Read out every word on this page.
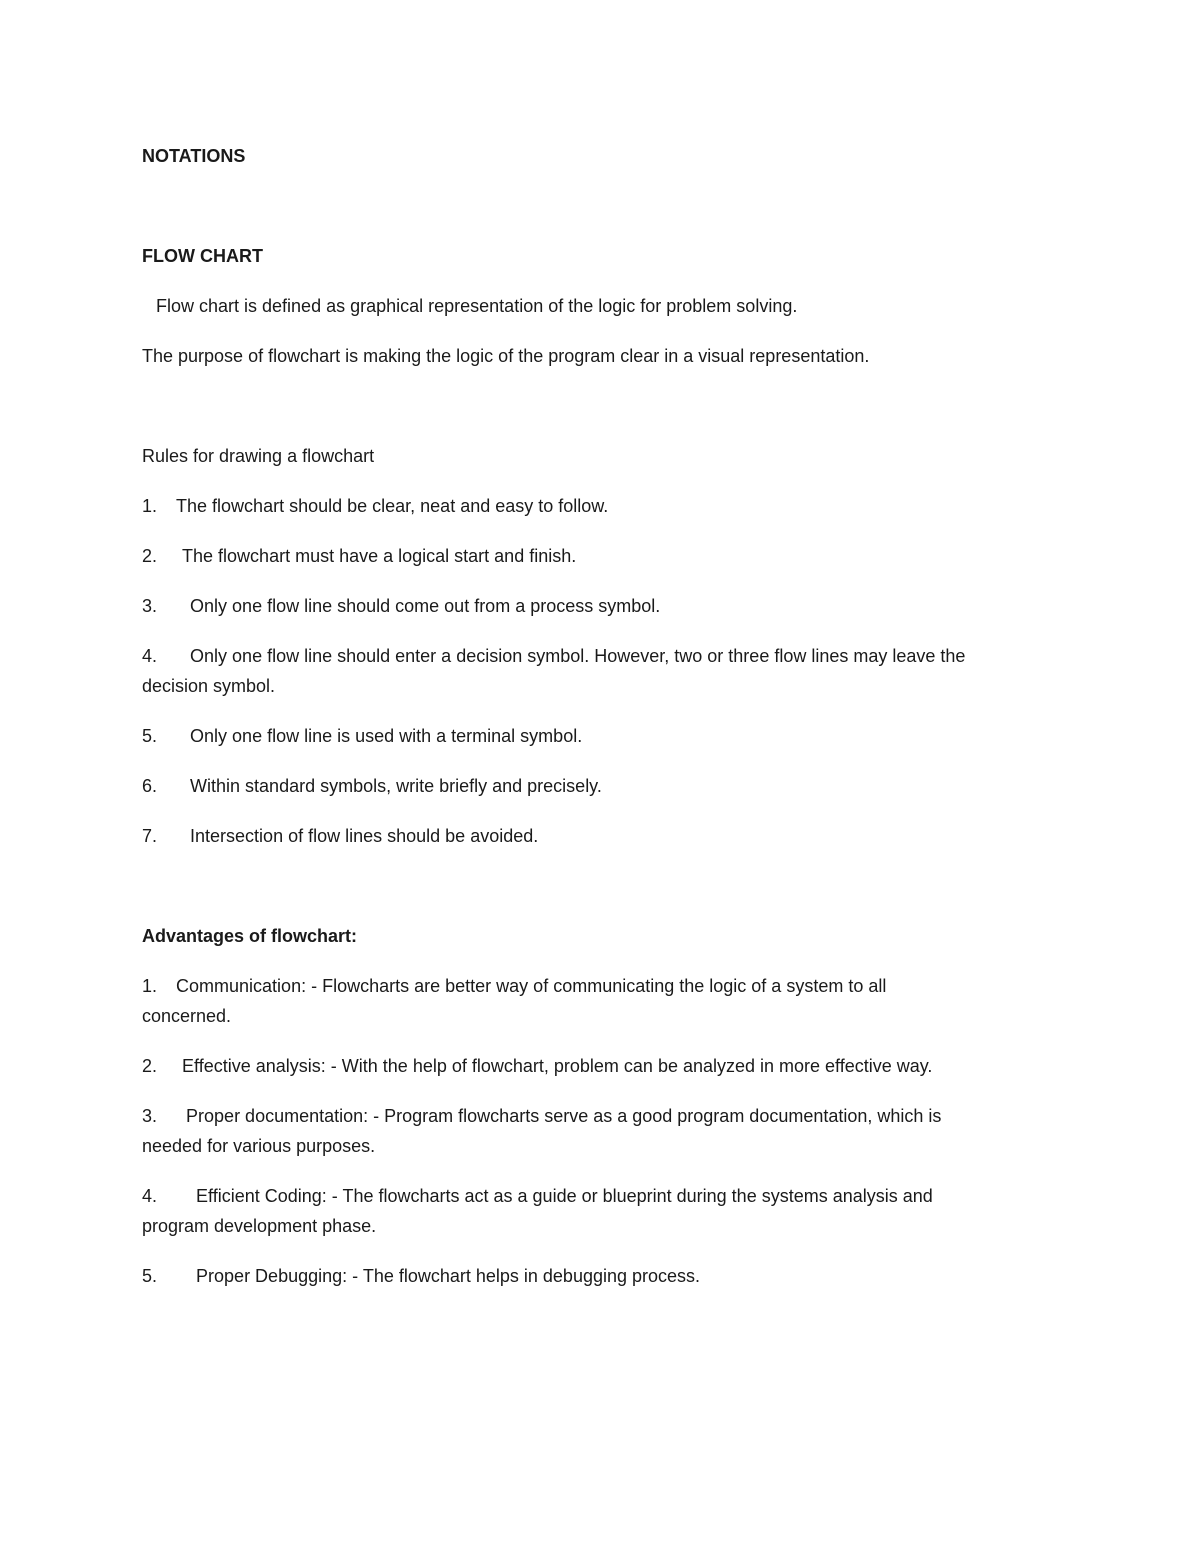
NOTATIONS
FLOW CHART
Flow chart is defined as graphical representation of the logic for problem solving.
The purpose of flowchart is making the logic of the program clear in a visual representation.
Rules for drawing a flowchart
1. The flowchart should be clear, neat and easy to follow.
2. The flowchart must have a logical start and finish.
3. Only one flow line should come out from a process symbol.
4. Only one flow line should enter a decision symbol. However, two or three flow lines may leave the
decision symbol.
5. Only one flow line is used with a terminal symbol.
6. Within standard symbols, write briefly and precisely.
7. Intersection of flow lines should be avoided.
Advantages of flowchart:
1. Communication: - Flowcharts are better way of communicating the logic of a system to all
concerned.
2. Effective analysis: - With the help of flowchart, problem can be analyzed in more effective way.
3. Proper documentation: - Program flowcharts serve as a good program documentation, which is
needed for various purposes.
4. Efficient Coding: - The flowcharts act as a guide or blueprint during the systems analysis and
program development phase.
5. Proper Debugging: - The flowchart helps in debugging process.
